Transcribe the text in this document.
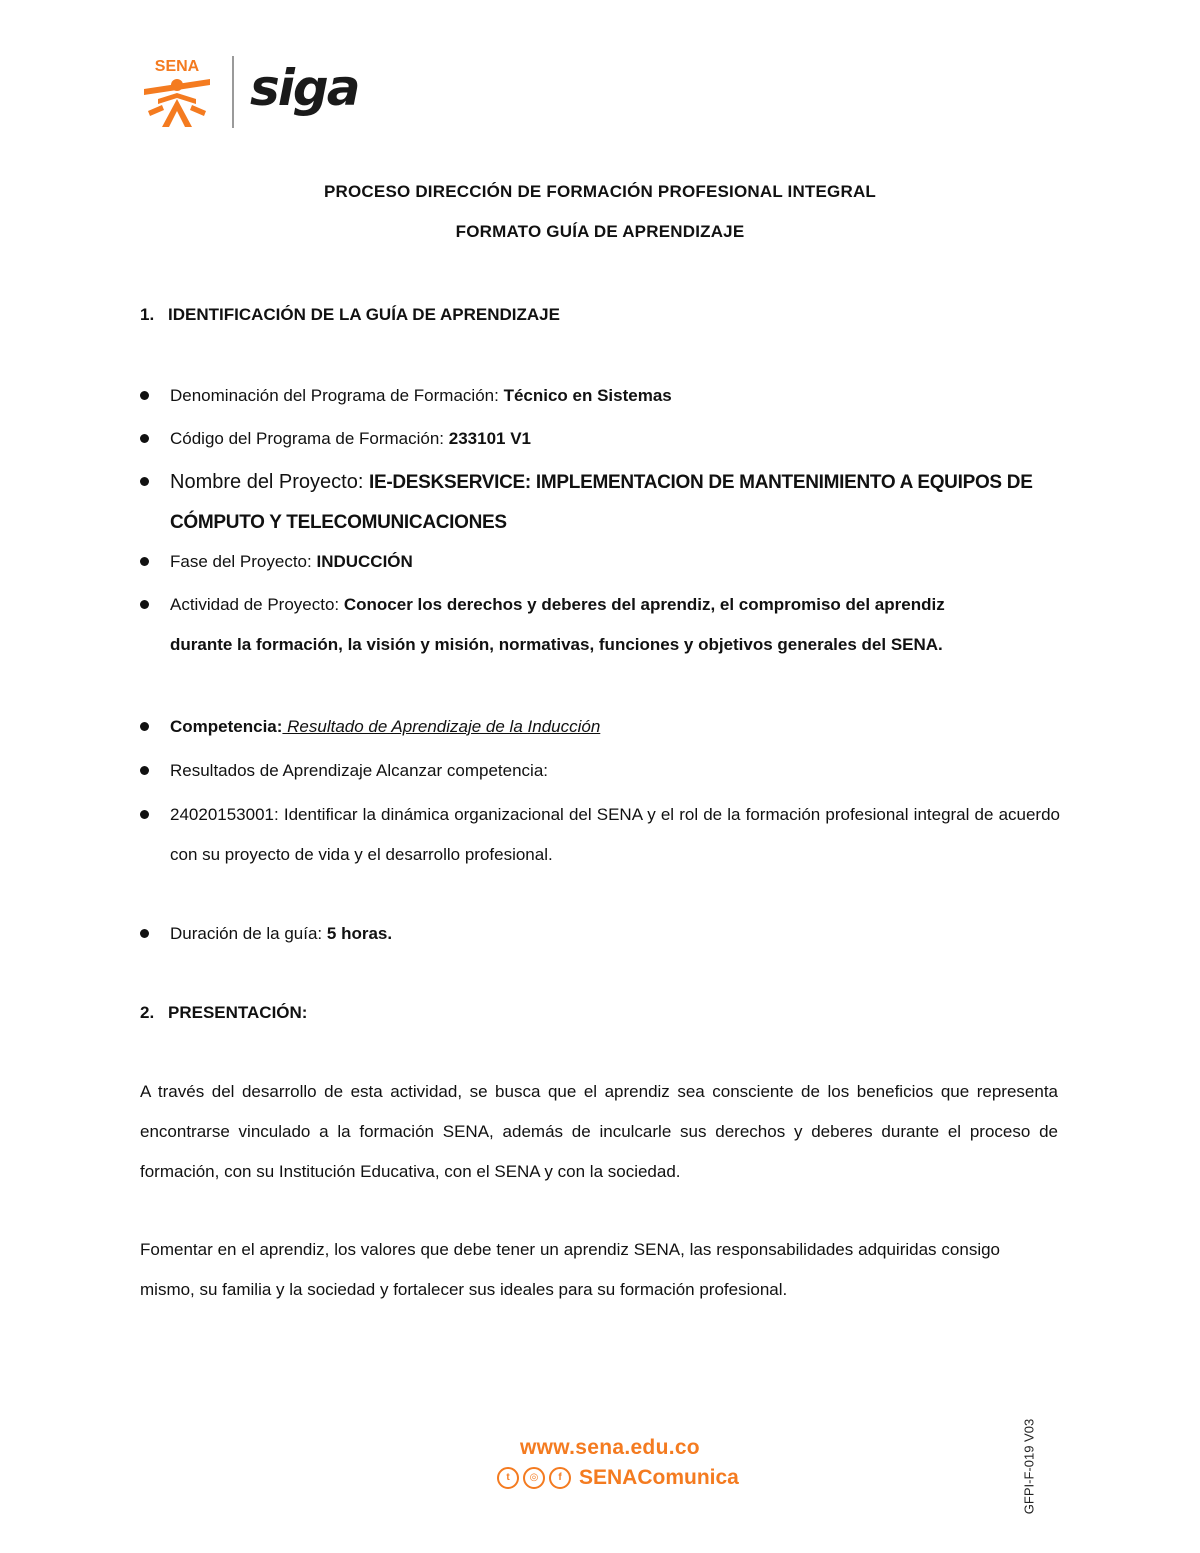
SENA siga
PROCESO DIRECCIÓN DE FORMACIÓN PROFESIONAL INTEGRAL
FORMATO GUÍA DE APRENDIZAJE
1. IDENTIFICACIÓN DE LA GUÍA DE APRENDIZAJE
Denominación del Programa de Formación: Técnico en Sistemas
Código del Programa de Formación: 233101 V1
Nombre del Proyecto: IE-DESKSERVICE: IMPLEMENTACION DE MANTENIMIENTO A EQUIPOS DE CÓMPUTO Y TELECOMUNICACIONES
Fase del Proyecto: INDUCCIÓN
Actividad de Proyecto: Conocer los derechos y deberes del aprendiz, el compromiso del aprendiz durante la formación, la visión y misión, normativas, funciones y objetivos generales del SENA.
Competencia: Resultado de Aprendizaje de la Inducción
Resultados de Aprendizaje Alcanzar competencia:
24020153001: Identificar la dinámica organizacional del SENA y el rol de la formación profesional integral de acuerdo con su proyecto de vida y el desarrollo profesional.
Duración de la guía: 5 horas.
2. PRESENTACIÓN:
A través del desarrollo de esta actividad, se busca que el aprendiz sea consciente de los beneficios que representa encontrarse vinculado a la formación SENA, además de inculcarle sus derechos y deberes durante el proceso de formación, con su Institución Educativa, con el SENA y con la sociedad.
Fomentar en el aprendiz, los valores que debe tener un aprendiz SENA, las responsabilidades adquiridas consigo mismo, su familia y la sociedad y fortalecer sus ideales para su formación profesional.
www.sena.edu.co
t	◎	f SENAComunica	GFPI-F-019 V03
